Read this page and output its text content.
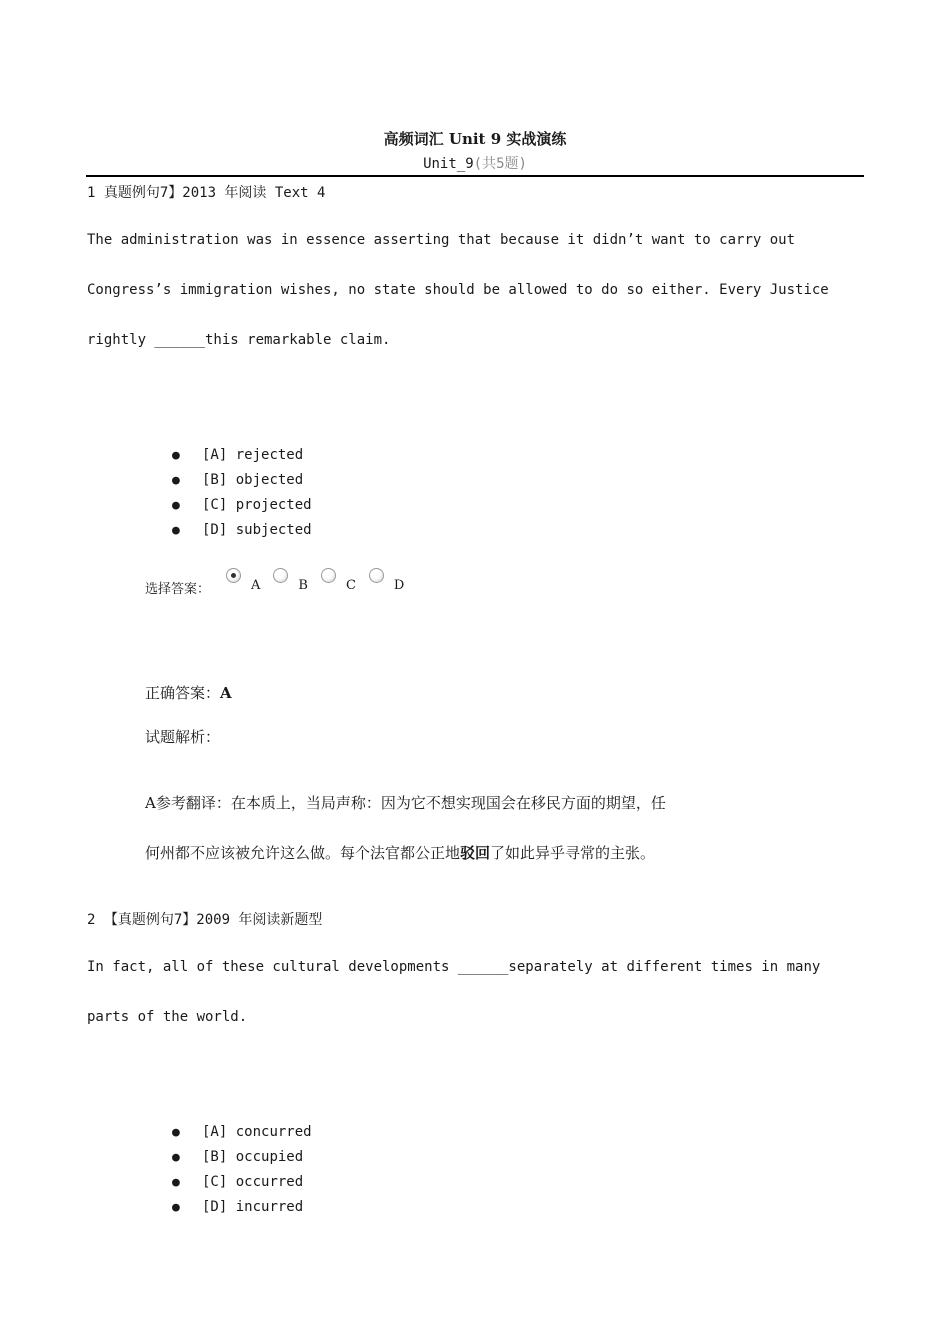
高频词汇 Unit 9 实战演练
Unit_9(共5题)
1 真题例句7】2013 年阅读 Text 4
The administration was in essence asserting that because it didn’t want to carry out
Congress’s immigration wishes, no state should be allowed to do so either. Every Justice
rightly ______this remarkable claim.
● [A] rejected
● [B] objected
● [C] projected
● [D] subjected
选择答案：	A	B	C	D
正确答案：A
试题解析：
A参考翻译：在本质上，当局声称：因为它不想实现国会在移民方面的期望，任
何州都不应该被允许这么做。每个法官都公正地驳回了如此异乎寻常的主张。
2 【真题例句7】2009 年阅读新题型
In fact, all of these cultural developments ______separately at different times in many
parts of the world.
● [A] concurred
● [B] occupied
● [C] occurred
● [D] incurred
